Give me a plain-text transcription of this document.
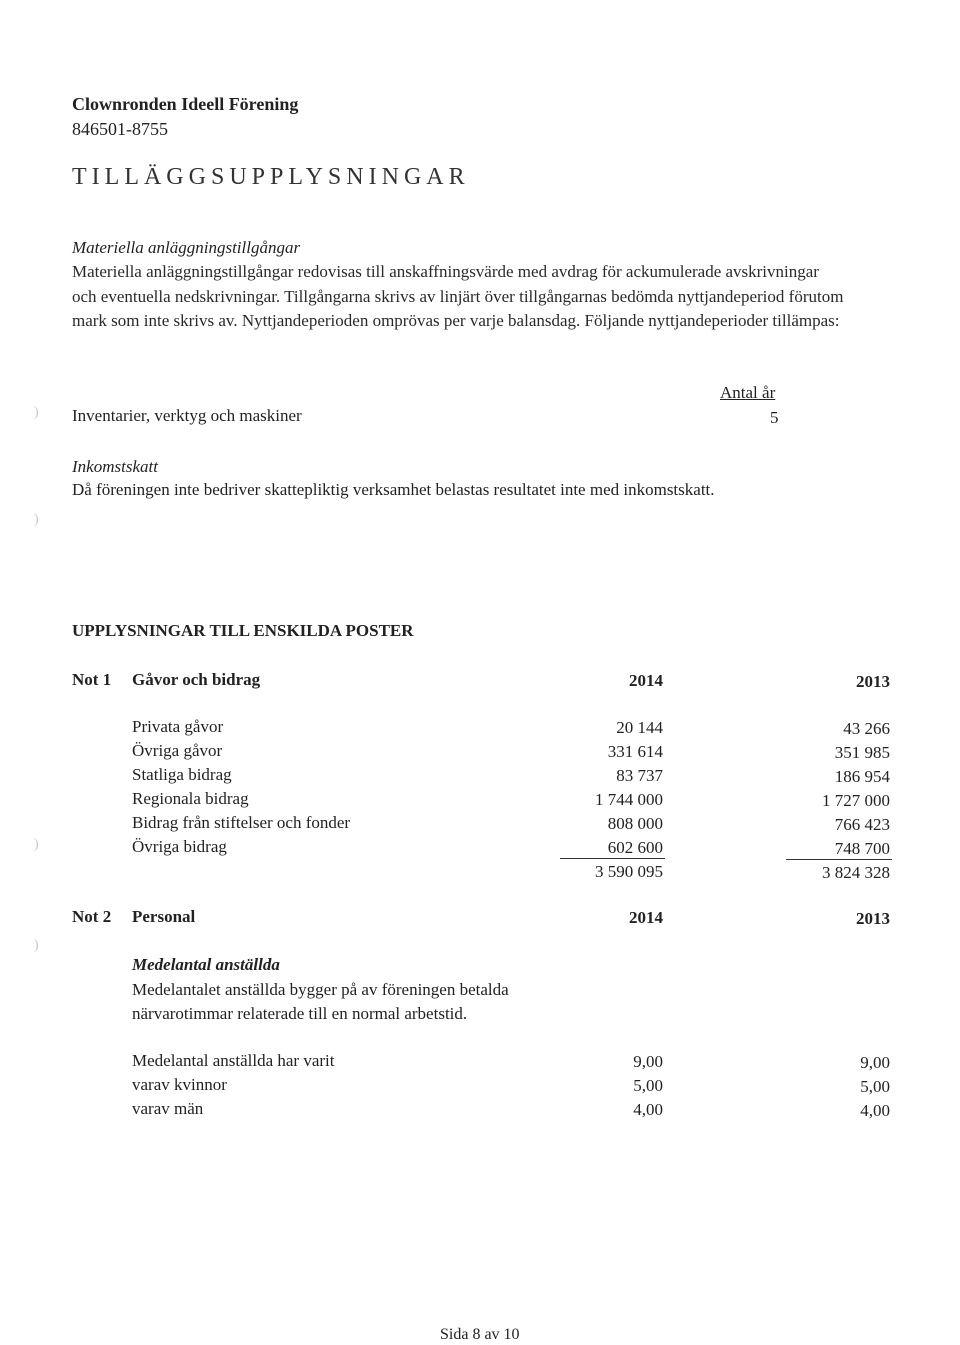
Clownronden Ideell Förening
846501-8755
TILLÄGGSUPPLYSNINGAR
Materiella anläggningstillgångar
Materiella anläggningstillgångar redovisas till anskaffningsvärde med avdrag för ackumulerade avskrivningar
och eventuella nedskrivningar. Tillgångarna skrivs av linjärt över tillgångarnas bedömda nyttjandeperiod förutom
mark som inte skrivs av. Nyttjandeperioden omprövas per varje balansdag. Följande nyttjandeperioder tillämpas:
Antal år
Inventarier, verktyg och maskiner	5
Inkomstskatt
Då föreningen inte bedriver skattepliktig verksamhet belastas resultatet inte med inkomstskatt.
UPPLYSNINGAR TILL ENSKILDA POSTER
Not 1 Gåvor och bidrag	2014	2013
Privata gåvor	20 144	43 266
Övriga gåvor	331 614	351 985
Statliga bidrag	83 737	186 954
Regionala bidrag	1 744 000	1 727 000
Bidrag från stiftelser och fonder	808 000	766 423
Övriga bidrag	602 600	748 700
3 590 095	3 824 328
Not 2 Personal	2014	2013
Medelantal anställda
Medelantalet anställda bygger på av föreningen betalda
närvarotimmar relaterade till en normal arbetstid.
Medelantal anställda har varit	9,00	9,00
varav kvinnor	5,00	5,00
varav män	4,00	4,00
)
)
)
)
Sida 8 av 10
